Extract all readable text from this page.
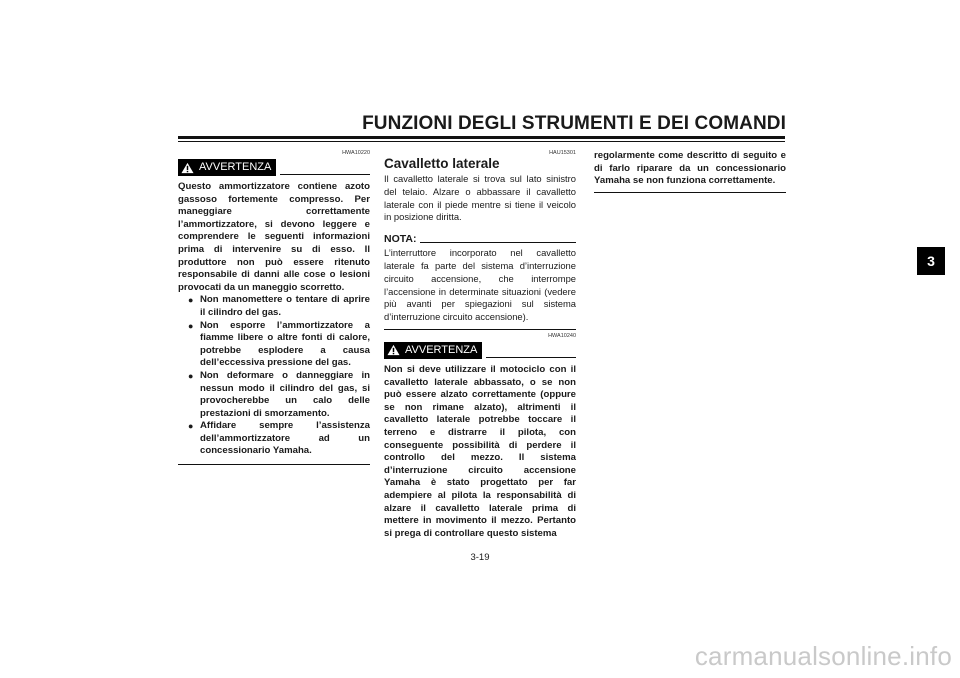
FUNZIONI DEGLI STRUMENTI E DEI COMANDI
3
HWA10220
AVVERTENZA

Questo ammortizzatore contiene azoto gassoso fortemente compresso. Per maneggiare correttamente l’ammortizzatore, si devono leggere e comprendere le seguenti informazioni prima di intervenire su di esso. Il produttore non può essere ritenuto responsabile di danni alle cose o lesioni provocati da un maneggio scorretto.

● Non manomettere o tentare di aprire il cilindro del gas.
● Non esporre l’ammortizzatore a fiamme libere o altre fonti di calore, potrebbe esplodere a causa dell’eccessiva pressione del gas.
● Non deformare o danneggiare in nessun modo il cilindro del gas, si provocherebbe un calo delle prestazioni di smorzamento.
● Affidare sempre l’assistenza dell’ammortizzatore ad un concessionario Yamaha.
HAU15301
Cavalletto laterale

Il cavalletto laterale si trova sul lato sinistro del telaio. Alzare o abbassare il cavalletto laterale con il piede mentre si tiene il veicolo in posizione diritta.

NOTA:

L’interruttore incorporato nel cavalletto laterale fa parte del sistema d’interruzione circuito accensione, che interrompe l’accensione in determinate situazioni (vedere più avanti per spiegazioni sul sistema d’interruzione circuito accensione).

HWA10240
AVVERTENZA

Non si deve utilizzare il motociclo con il cavalletto laterale abbassato, o se non può essere alzato correttamente (oppure se non rimane alzato), altrimenti il cavalletto laterale potrebbe toccare il terreno e distrarre il pilota, con conseguente possibilità di perdere il controllo del mezzo. Il sistema d’interruzione circuito accensione Yamaha è stato progettato per far adempiere al pilota la responsabilità di alzare il cavalletto laterale prima di mettere in movimento il mezzo. Pertanto si prega di controllare questo sistema

regolarmente come descritto di seguito e di farlo riparare da un concessionario Yamaha se non funziona correttamente.

3-19
carmanualsonline.info
